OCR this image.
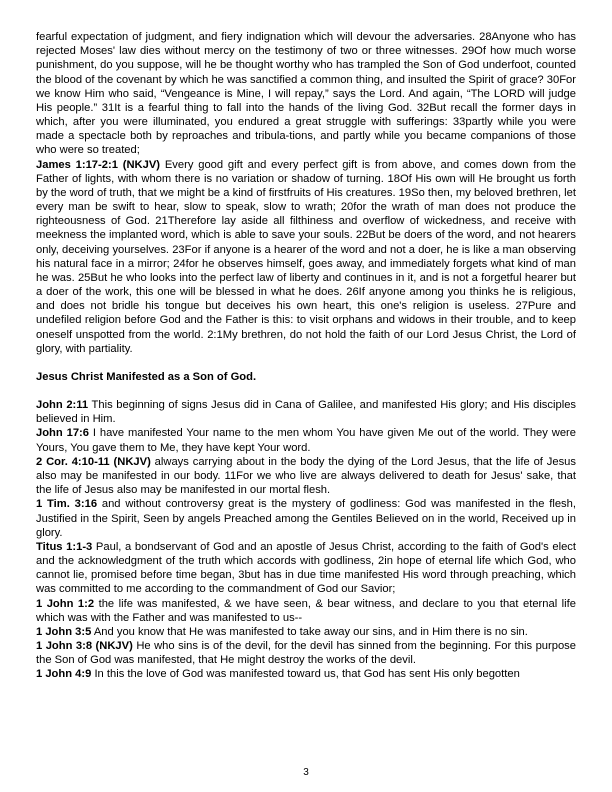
fearful expectation of judgment, and fiery indignation which will devour the adversaries. 28Anyone who has rejected Moses' law dies without mercy on the testimony of two or three witnesses. 29Of how much worse punishment, do you suppose, will he be thought worthy who has trampled the Son of God underfoot, counted the blood of the covenant by which he was sanctified a common thing, and insulted the Spirit of grace? 30For we know Him who said, “Vengeance is Mine, I will repay,” says the Lord. And again, “The LORD will judge His people.” 31It is a fearful thing to fall into the hands of the living God. 32But recall the former days in which, after you were illuminated, you endured a great struggle with sufferings: 33partly while you were made a spectacle both by reproaches and tribula-tions, and partly while you became companions of those who were so treated;

James 1:17-2:1 (NKJV) Every good gift and every perfect gift is from above, and comes down from the Father of lights, with whom there is no variation or shadow of turning. 18Of His own will He brought us forth by the word of truth, that we might be a kind of firstfruits of His creatures. 19So then, my beloved brethren, let every man be swift to hear, slow to speak, slow to wrath; 20for the wrath of man does not produce the righteousness of God. 21Therefore lay aside all filthiness and overflow of wickedness, and receive with meekness the implanted word, which is able to save your souls. 22But be doers of the word, and not hearers only, deceiving yourselves. 23For if anyone is a hearer of the word and not a doer, he is like a man observing his natural face in a mirror; 24for he observes himself, goes away, and immediately forgets what kind of man he was. 25But he who looks into the perfect law of liberty and continues in it, and is not a forgetful hearer but a doer of the work, this one will be blessed in what he does. 26If anyone among you thinks he is religious, and does not bridle his tongue but deceives his own heart, this one's religion is useless. 27Pure and undefiled religion before God and the Father is this: to visit orphans and widows in their trouble, and to keep oneself unspotted from the world. 2:1My brethren, do not hold the faith of our Lord Jesus Christ, the Lord of glory, with partiality.

Jesus Christ Manifested as a Son of God.

John 2:11 This beginning of signs Jesus did in Cana of Galilee, and manifested His glory; and His disciples believed in Him.

John 17:6 I have manifested Your name to the men whom You have given Me out of the world. They were Yours, You gave them to Me, they have kept Your word.

2 Cor. 4:10-11 (NKJV) always carrying about in the body the dying of the Lord Jesus, that the life of Jesus also may be manifested in our body. 11For we who live are always delivered to death for Jesus' sake, that the life of Jesus also may be manifested in our mortal flesh.

1 Tim. 3:16 and without controversy great is the mystery of godliness: God was manifested in the flesh, Justified in the Spirit, Seen by angels Preached among the Gentiles Believed on in the world, Received up in glory.

Titus 1:1-3 Paul, a bondservant of God and an apostle of Jesus Christ, according to the faith of God's elect and the acknowledgment of the truth which accords with godliness, 2in hope of eternal life which God, who cannot lie, promised before time began, 3but has in due time manifested His word through preaching, which was committed to me according to the commandment of God our Savior;

1 John 1:2 the life was manifested, & we have seen, & bear witness, and declare to you that eternal life which was with the Father and was manifested to us--

1 John 3:5 And you know that He was manifested to take away our sins, and in Him there is no sin.

1 John 3:8 (NKJV) He who sins is of the devil, for the devil has sinned from the beginning. For this purpose the Son of God was manifested, that He might destroy the works of the devil.

1 John 4:9 In this the love of God was manifested toward us, that God has sent His only begotten

3
